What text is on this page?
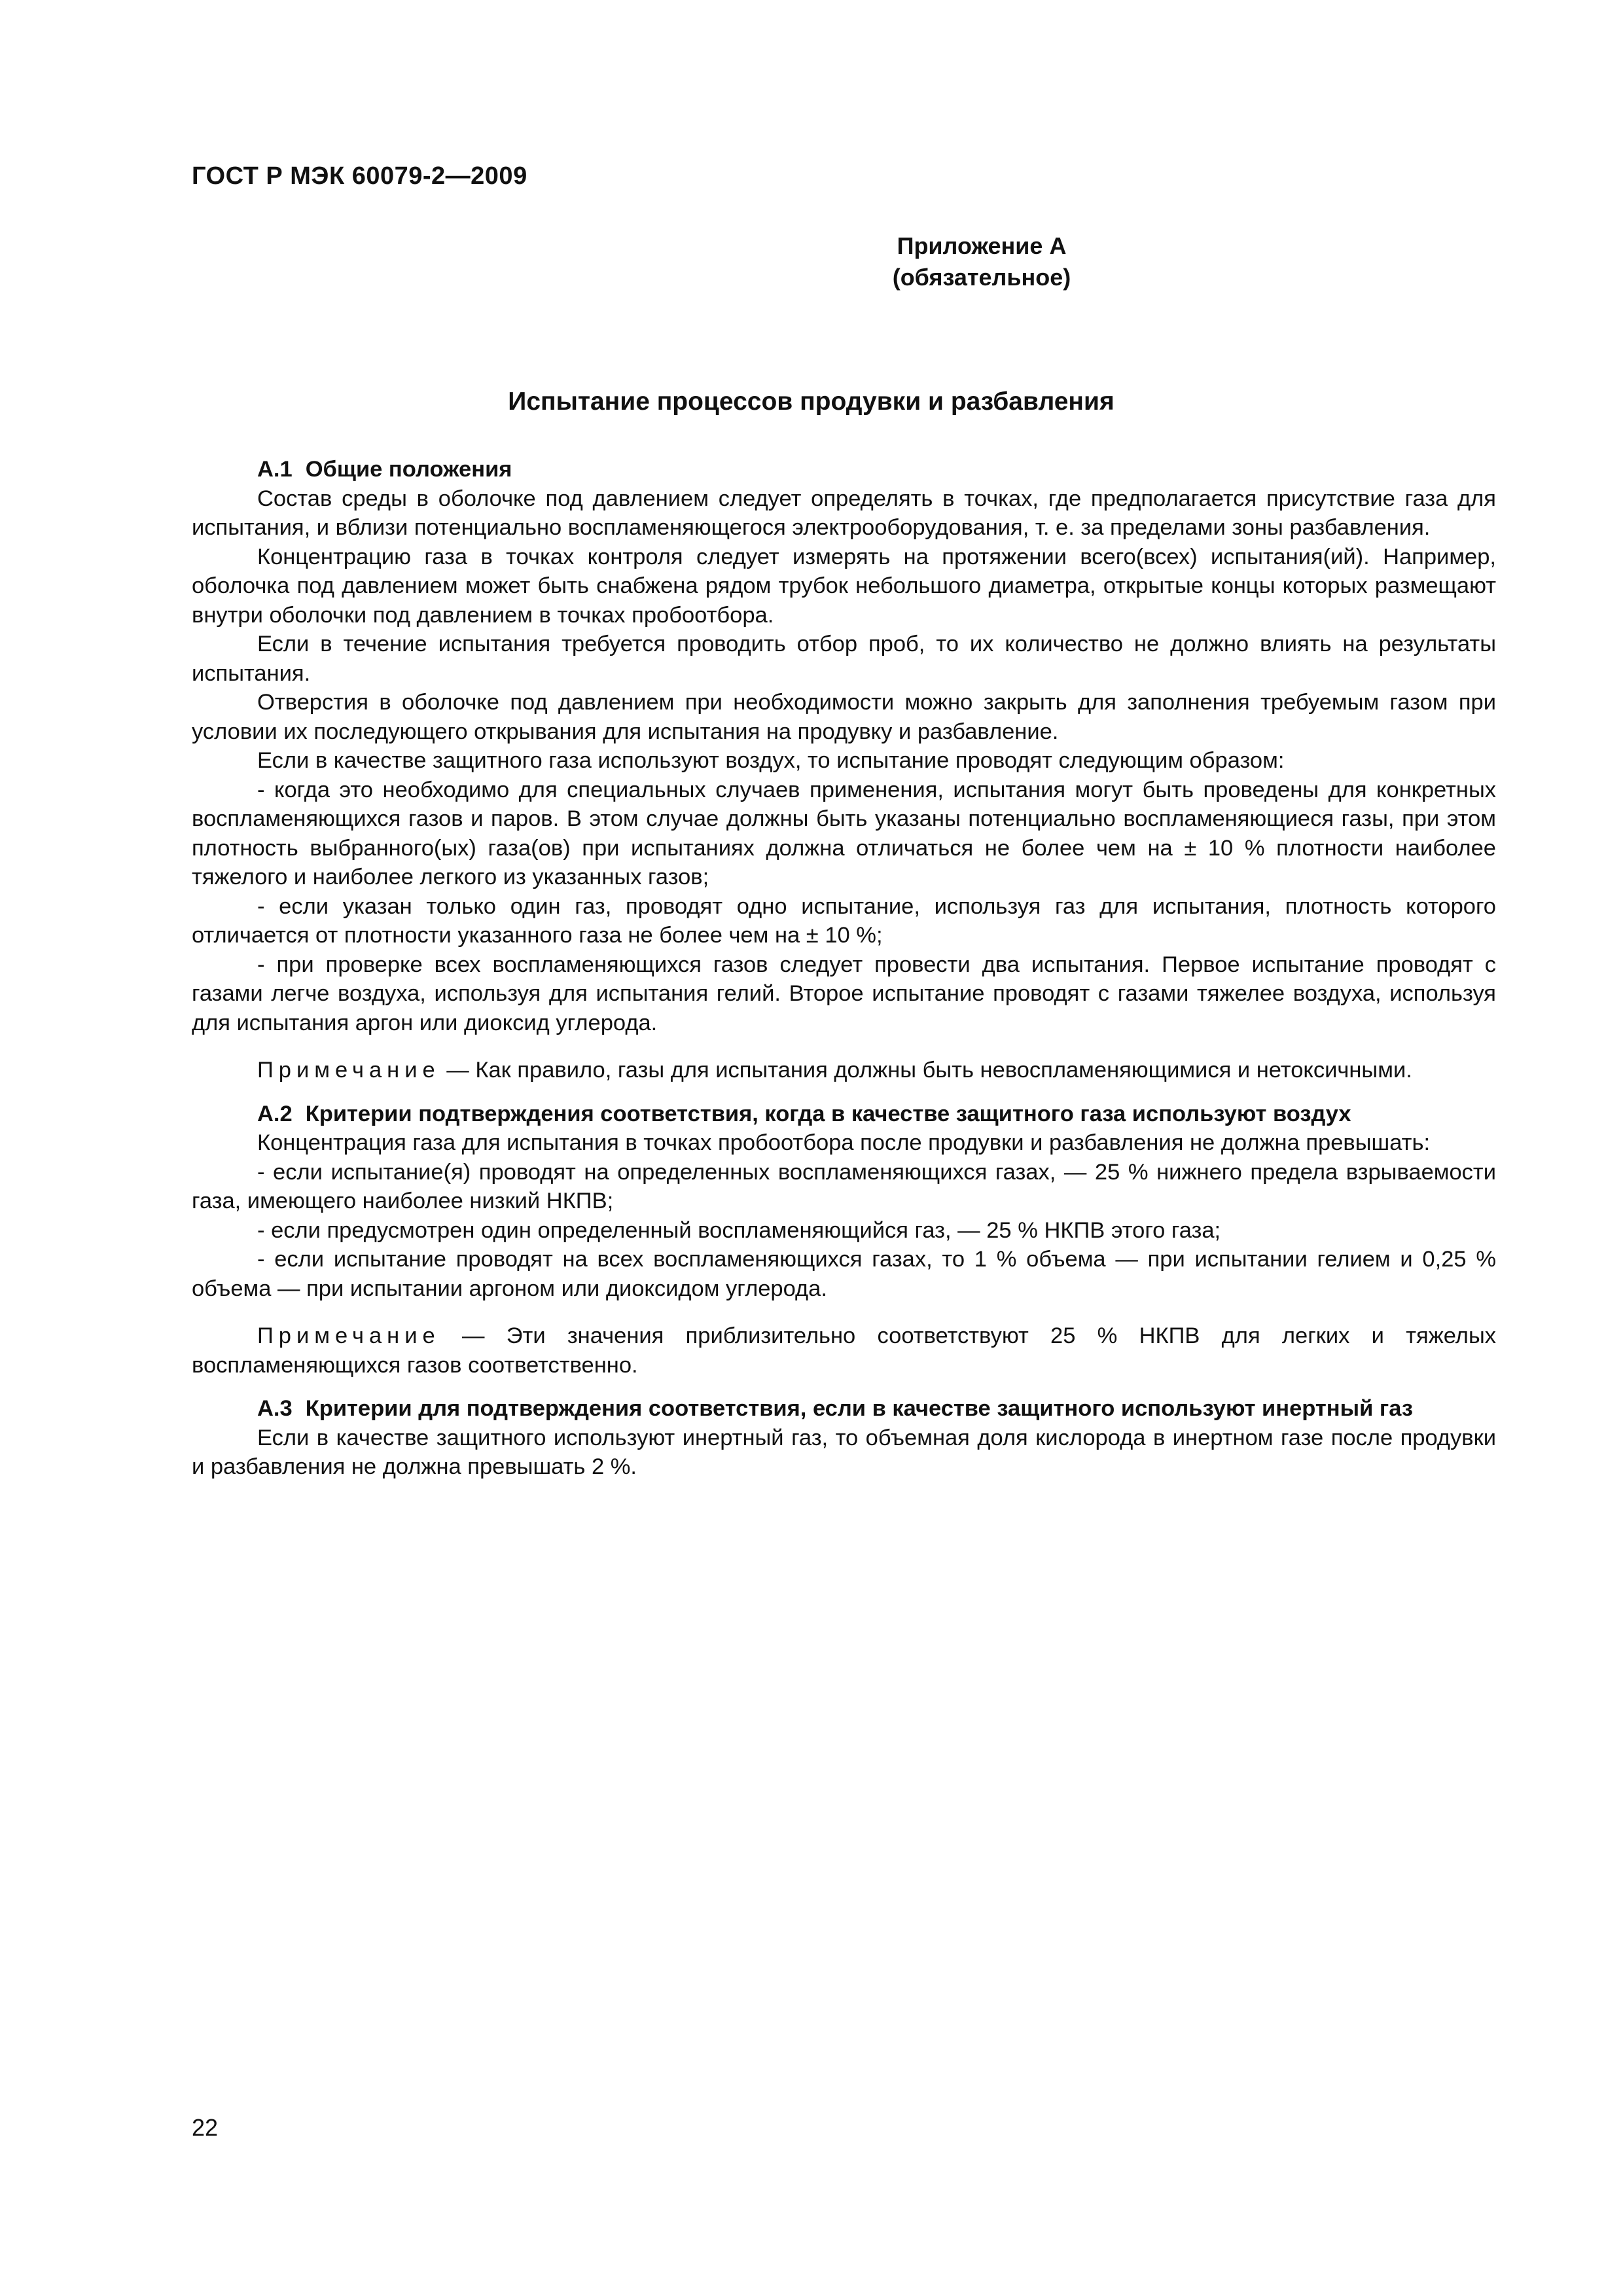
ГОСТ Р МЭК 60079-2—2009
Приложение А
(обязательное)
Испытание процессов продувки и разбавления
А.1 Общие положения

Состав среды в оболочке под давлением следует определять в точках, где предполагается присутствие газа для испытания, и вблизи потенциально воспламеняющегося электрооборудования, т. е. за пределами зоны разбавления.

Концентрацию газа в точках контроля следует измерять на протяжении всего(всех) испытания(ий). Например, оболочка под давлением может быть снабжена рядом трубок небольшого диаметра, открытые концы которых размещают внутри оболочки под давлением в точках пробоотбора.

Если в течение испытания требуется проводить отбор проб, то их количество не должно влиять на результаты испытания.

Отверстия в оболочке под давлением при необходимости можно закрыть для заполнения требуемым газом при условии их последующего открывания для испытания на продувку и разбавление.

Если в качестве защитного газа используют воздух, то испытание проводят следующим образом:

- когда это необходимо для специальных случаев применения, испытания могут быть проведены для конкретных воспламеняющихся газов и паров. В этом случае должны быть указаны потенциально воспламеняющиеся газы, при этом плотность выбранного(ых) газа(ов) при испытаниях должна отличаться не более чем на ± 10 % плотности наиболее тяжелого и наиболее легкого из указанных газов;

- если указан только один газ, проводят одно испытание, используя газ для испытания, плотность которого отличается от плотности указанного газа не более чем на ± 10 %;

- при проверке всех воспламеняющихся газов следует провести два испытания. Первое испытание проводят с газами легче воздуха, используя для испытания гелий. Второе испытание проводят с газами тяжелее воздуха, используя для испытания аргон или диоксид углерода.

Примечание — Как правило, газы для испытания должны быть невоспламеняющимися и нетоксичными.

А.2 Критерии подтверждения соответствия, когда в качестве защитного газа используют воздух

Концентрация газа для испытания в точках пробоотбора после продувки и разбавления не должна превышать:

- если испытание(я) проводят на определенных воспламеняющихся газах, — 25 % нижнего предела взрываемости газа, имеющего наиболее низкий НКПВ;

- если предусмотрен один определенный воспламеняющийся газ, — 25 % НКПВ этого газа;

- если испытание проводят на всех воспламеняющихся газах, то 1 % объема — при испытании гелием и 0,25 % объема — при испытании аргоном или диоксидом углерода.

Примечание — Эти значения приблизительно соответствуют 25 % НКПВ для легких и тяжелых воспламеняющихся газов соответственно.

А.3 Критерии для подтверждения соответствия, если в качестве защитного используют инертный газ

Если в качестве защитного используют инертный газ, то объемная доля кислорода в инертном газе после продувки и разбавления не должна превышать 2 %.

22
